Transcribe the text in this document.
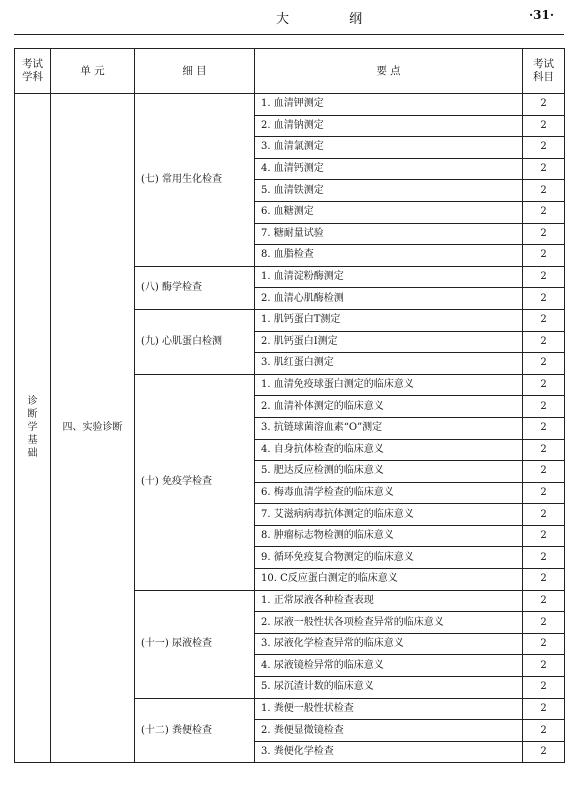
大 纲	·31·
考试学科	单 元	细 目	要 点	考试科目
诊断学基础	四、实验诊断	(七) 常用生化检查	1. 血清钾测定	2
			2. 血清钠测定	2
			3. 血清氯测定	2
			4. 血清钙测定	2
			5. 血清铁测定	2
			6. 血糖测定	2
			7. 糖耐量试验	2
			8. 血脂检查	2
		(八) 酶学检查	1. 血清淀粉酶测定	2
			2. 血清心肌酶检测	2
		(九) 心肌蛋白检测	1. 肌钙蛋白T测定	2
			2. 肌钙蛋白I测定	2
			3. 肌红蛋白测定	2
		(十) 免疫学检查	1. 血清免疫球蛋白测定的临床意义	2
			2. 血清补体测定的临床意义	2
			3. 抗链球菌溶血素“O”测定	2
			4. 自身抗体检查的临床意义	2
			5. 肥达反应检测的临床意义	2
			6. 梅毒血清学检查的临床意义	2
			7. 艾滋病病毒抗体测定的临床意义	2
			8. 肿瘤标志物检测的临床意义	2
			9. 循环免疫复合物测定的临床意义	2
			10. C反应蛋白测定的临床意义	2
		(十一) 尿液检查	1. 正常尿液各种检查表现	2
			2. 尿液一般性状各项检查异常的临床意义	2
			3. 尿液化学检查异常的临床意义	2
			4. 尿液镜检异常的临床意义	2
			5. 尿沉渣计数的临床意义	2
		(十二) 粪便检查	1. 粪便一般性状检查	2
			2. 粪便显微镜检查	2
			3. 粪便化学检查	2
